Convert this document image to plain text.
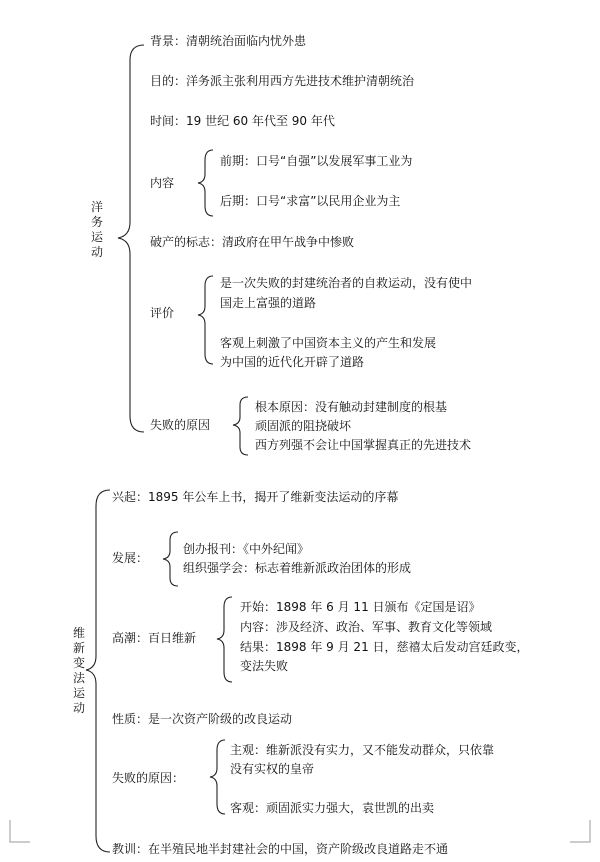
洋务运动
背景：清朝统治面临内忧外患
目的：洋务派主张利用西方先进技术维护清朝统治
时间：19 世纪 60 年代至 90 年代
内容
前期：口号“自强”以发展军事工业为
后期：口号“求富”以民用企业为主
破产的标志：清政府在甲午战争中惨败
评价
是一次失败的封建统治者的自救运动，没有使中
国走上富强的道路
客观上刺激了中国资本主义的产生和发展
为中国的近代化开辟了道路
失败的原因
根本原因：没有触动封建制度的根基
顽固派的阻挠破坏
西方列强不会让中国掌握真正的先进技术
维新变法运动
兴起：1895 年公车上书，揭开了维新变法运动的序幕
发展：
创办报刊：《中外纪闻》
组织强学会：标志着维新派政治团体的形成
高潮：百日维新
开始：1898 年 6 月 11 日颁布《定国是诏》
内容：涉及经济、政治、军事、教育文化等领域
结果：1898 年 9 月 21 日，慈禧太后发动宫廷政变，
变法失败
性质：是一次资产阶级的改良运动
失败的原因：
主观：维新派没有实力，又不能发动群众，只依靠
没有实权的皇帝
客观：顽固派实力强大，袁世凯的出卖
教训：在半殖民地半封建社会的中国，资产阶级改良道路走不通
